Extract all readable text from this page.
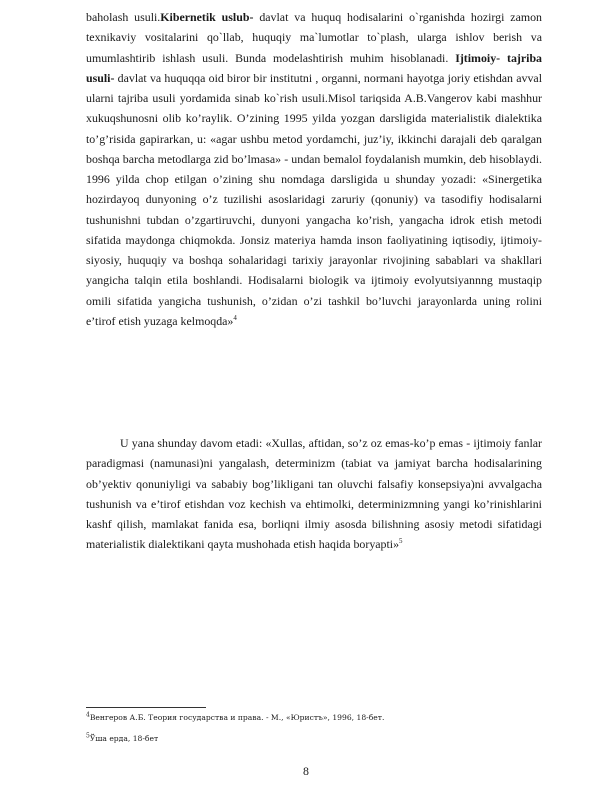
baholash usuli.Kibernetik uslub- davlat va huquq hodisalarini o`rganishda hozirgi zamon texnikaviy vositalarini qo`llab, huquqiy ma`lumotlar to`plash, ularga ishlov berish va umumlashtirib ishlash usuli. Bunda modelashtirish muhim hisoblanadi. Ijtimoiy- tajriba usuli- davlat va huquqqa oid biror bir institutni , organni, normani hayotga joriy etishdan avval ularni tajriba usuli yordamida sinab ko`rish usuli.Misol tariqsida A.B.Vangerov kabi mashhur xukuqshunosni olib ko’raylik. O’zining 1995 yilda yozgan darsligida materialistik dialektika to’g’risida gapirarkan, u: «agar ushbu metod yordamchi, juz’iy, ikkinchi darajali deb qaralgan boshqa barcha metodlarga zid bo’lmasa» - undan bemalol foydalanish mumkin, deb hisoblaydi. 1996 yilda chop etilgan o’zining shu nomdaga darsligida u shunday yozadi: «Sinergetika hozirdayoq dunyoning o’z tuzilishi asoslaridagi zaruriy (qonuniy) va tasodifiy hodisalarni tushunishni tubdan o’zgartiruvchi, dunyoni yangacha ko’rish, yangacha idrok etish metodi sifatida maydonga chiqmokda. Jonsiz materiya hamda inson faoliyatining iqtisodiy, ijtimoiy-siyosiy, huquqiy va boshqa sohalaridagi tarixiy jarayonlar rivojining sabablari va shakllari yangicha talqin etila boshlandi. Hodisalarni biologik va ijtimoiy evolyutsiyannng mustaqip omili sifatida yangicha tushunish, o’zidan o’zi tashkil bo’luvchi jarayonlarda uning rolini e’tirof etish yuzaga kelmoqda»$^4$

U yana shunday davom etadi: «Xullas, aftidan, so’z oz emas-ko’p emas - ijtimoiy fanlar paradigmasi (namunasi)ni yangalash, determinizm (tabiat va jamiyat barcha hodisalarining ob’yektiv qonuniyligi va sababiy bog’likligani tan oluvchi falsafiy konsepsiya)ni avvalgacha tushunish va e’tirof etishdan voz kechish va ehtimolki, determinizmning yangi ko’rinishlarini kashf qilish, mamlakat fanida esa, borliqni ilmiy asosda bilishning asosiy metodi sifatidagi materialistik dialektikani qayta mushohada etish haqida boryapti»$^5$

$^4$Венгеров А.Б. Теория государства и права. - М., «Юристъ», 1996, 18-бет.
$^5$Ўша ерда, 18-бет
8
